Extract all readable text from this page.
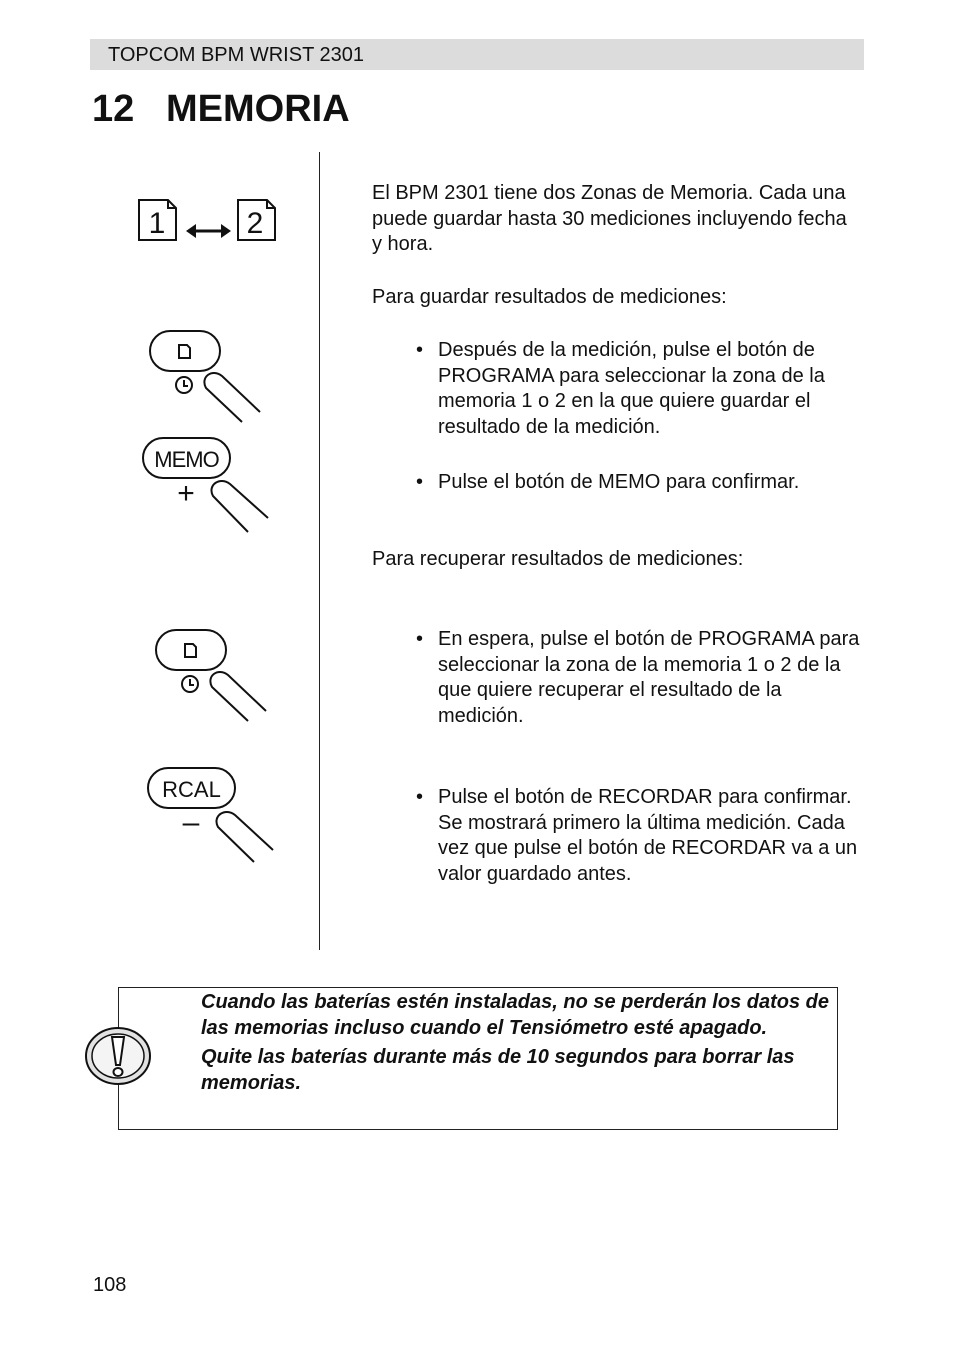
TOPCOM BPM WRIST 2301
12 MEMORIA
1	2
MEMO
+
RCAL
–
El BPM 2301 tiene dos Zonas de Memoria. Cada una puede guardar hasta 30 mediciones incluyendo fecha y hora.
Para guardar resultados de mediciones:
• Después de la medición, pulse el botón de PROGRAMA para seleccionar la zona de la memoria 1 o 2 en la que quiere guardar el resultado de la medición.
• Pulse el botón de MEMO para confirmar.
Para recuperar resultados de mediciones:
• En espera, pulse el botón de PROGRAMA para seleccionar la zona de la memoria 1 o 2 de la que quiere recuperar el resultado de la medición.
• Pulse el botón de RECORDAR para confirmar. Se mostrará primero la última medición. Cada vez que pulse el botón de RECORDAR va a un valor guardado antes.

Cuando las baterías estén instaladas, no se perderán los datos de las memorias incluso cuando el Tensiómetro esté apagado.

Quite las baterías durante más de 10 segundos para borrar las memorias.

108
